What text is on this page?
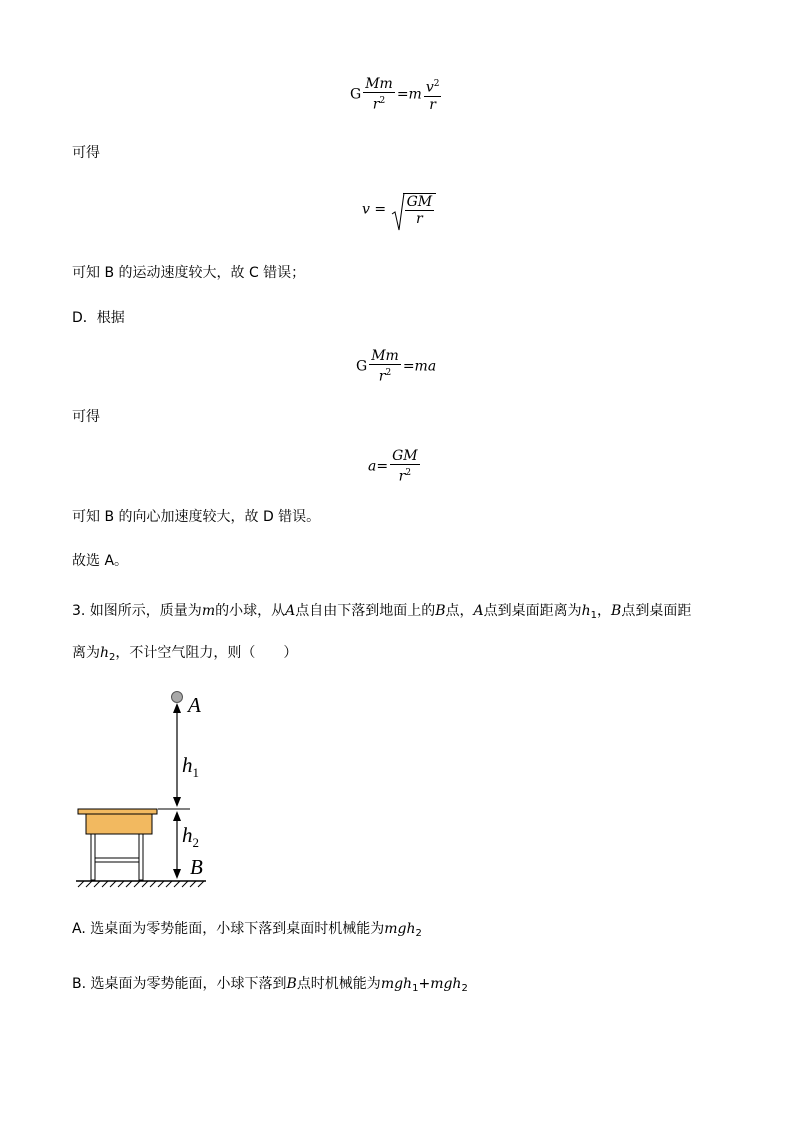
G $\frac{Mm}{r^2} =m \frac{v^2}{r}$
可得
$v = \frac{GM}{r}$
可知 B 的运动速度较大，故 C 错误；
D．根据
G $\frac{Mm}{r^2} =ma$
可得
$a= \frac{GM}{r^2}$
可知 B 的向心加速度较大，故 D 错误。
故选 A。
3. 如图所示，质量为m的小球，从A点自由下落到地面上的B点，A点到桌面距离为$h_1$，B点到桌面距
离为$h_2$，不计空气阻力，则（　　）
A
$h_1$
$h_2$
B
A. 选桌面为零势能面，小球下落到桌面时机械能为mgh$_2$
B. 选桌面为零势能面，小球下落到B点时机械能为mgh$_1$+mgh$_2$
